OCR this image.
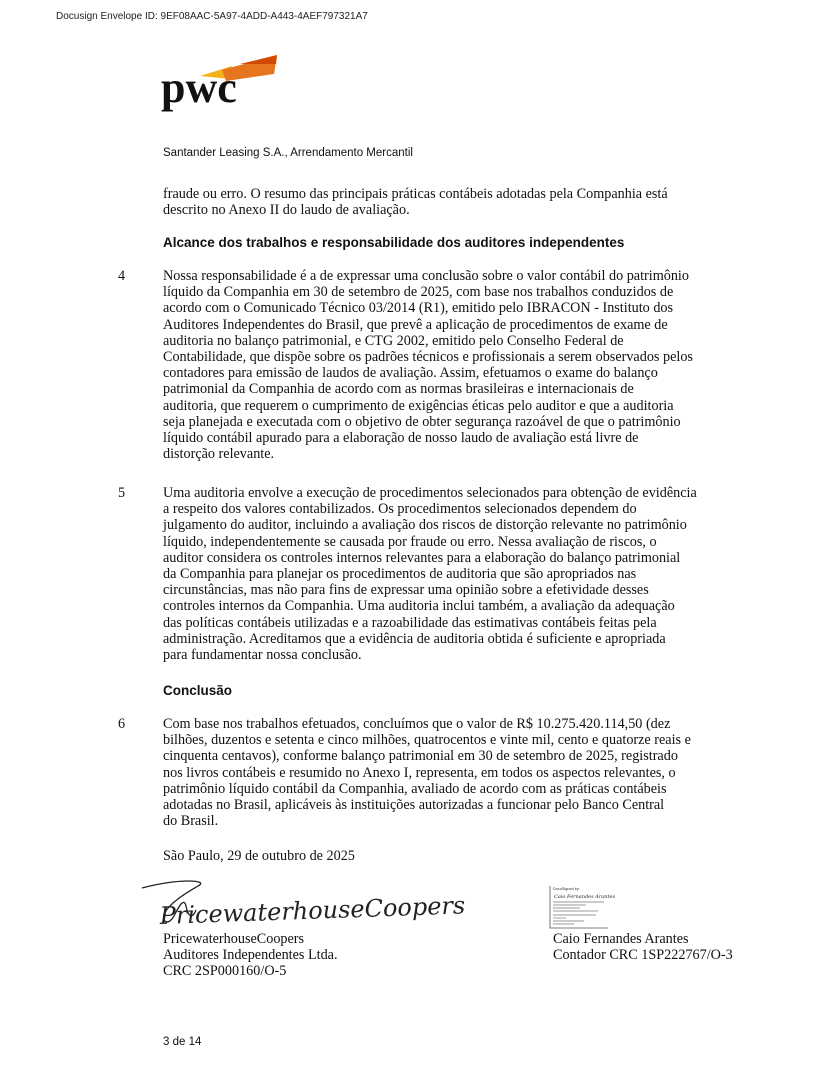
Docusign Envelope ID: 9EF08AAC-5A97-4ADD-A443-4AEF797321A7
pwc
Santander Leasing S.A., Arrendamento Mercantil
fraude ou erro. O resumo das principais práticas contábeis adotadas pela Companhia está
descrito no Anexo II do laudo de avaliação.
Alcance dos trabalhos e responsabilidade dos auditores independentes
4	Nossa responsabilidade é a de expressar uma conclusão sobre o valor contábil do patrimônio
líquido da Companhia em 30 de setembro de 2025, com base nos trabalhos conduzidos de
acordo com o Comunicado Técnico 03/2014 (R1), emitido pelo IBRACON - Instituto dos
Auditores Independentes do Brasil, que prevê a aplicação de procedimentos de exame de
auditoria no balanço patrimonial, e CTG 2002, emitido pelo Conselho Federal de
Contabilidade, que dispõe sobre os padrões técnicos e profissionais a serem observados pelos
contadores para emissão de laudos de avaliação. Assim, efetuamos o exame do balanço
patrimonial da Companhia de acordo com as normas brasileiras e internacionais de
auditoria, que requerem o cumprimento de exigências éticas pelo auditor e que a auditoria
seja planejada e executada com o objetivo de obter segurança razoável de que o patrimônio
líquido contábil apurado para a elaboração de nosso laudo de avaliação está livre de
distorção relevante.
5	Uma auditoria envolve a execução de procedimentos selecionados para obtenção de evidência
a respeito dos valores contabilizados. Os procedimentos selecionados dependem do
julgamento do auditor, incluindo a avaliação dos riscos de distorção relevante no patrimônio
líquido, independentemente se causada por fraude ou erro. Nessa avaliação de riscos, o
auditor considera os controles internos relevantes para a elaboração do balanço patrimonial
da Companhia para planejar os procedimentos de auditoria que são apropriados nas
circunstâncias, mas não para fins de expressar uma opinião sobre a efetividade desses
controles internos da Companhia. Uma auditoria inclui também, a avaliação da adequação
das políticas contábeis utilizadas e a razoabilidade das estimativas contábeis feitas pela
administração. Acreditamos que a evidência de auditoria obtida é suficiente e apropriada
para fundamentar nossa conclusão.
Conclusão
6	Com base nos trabalhos efetuados, concluímos que o valor de R$ 10.275.420.114,50 (dez
bilhões, duzentos e setenta e cinco milhões, quatrocentos e vinte mil, cento e quatorze reais e
cinquenta centavos), conforme balanço patrimonial em 30 de setembro de 2025, registrado
nos livros contábeis e resumido no Anexo I, representa, em todos os aspectos relevantes, o
patrimônio líquido contábil da Companhia, avaliado de acordo com as práticas contábeis
adotadas no Brasil, aplicáveis às instituições autorizadas a funcionar pelo Banco Central
do Brasil.
São Paulo, 29 de outubro de 2025
PricewaterhouseCoopers
PricewaterhouseCoopers
Auditores Independentes Ltda.
CRC 2SP000160/O-5
DocuSigned by:
Caio Fernandes Arantes
Caio Fernandes Arantes
Contador CRC 1SP222767/O-3
3 de 14
